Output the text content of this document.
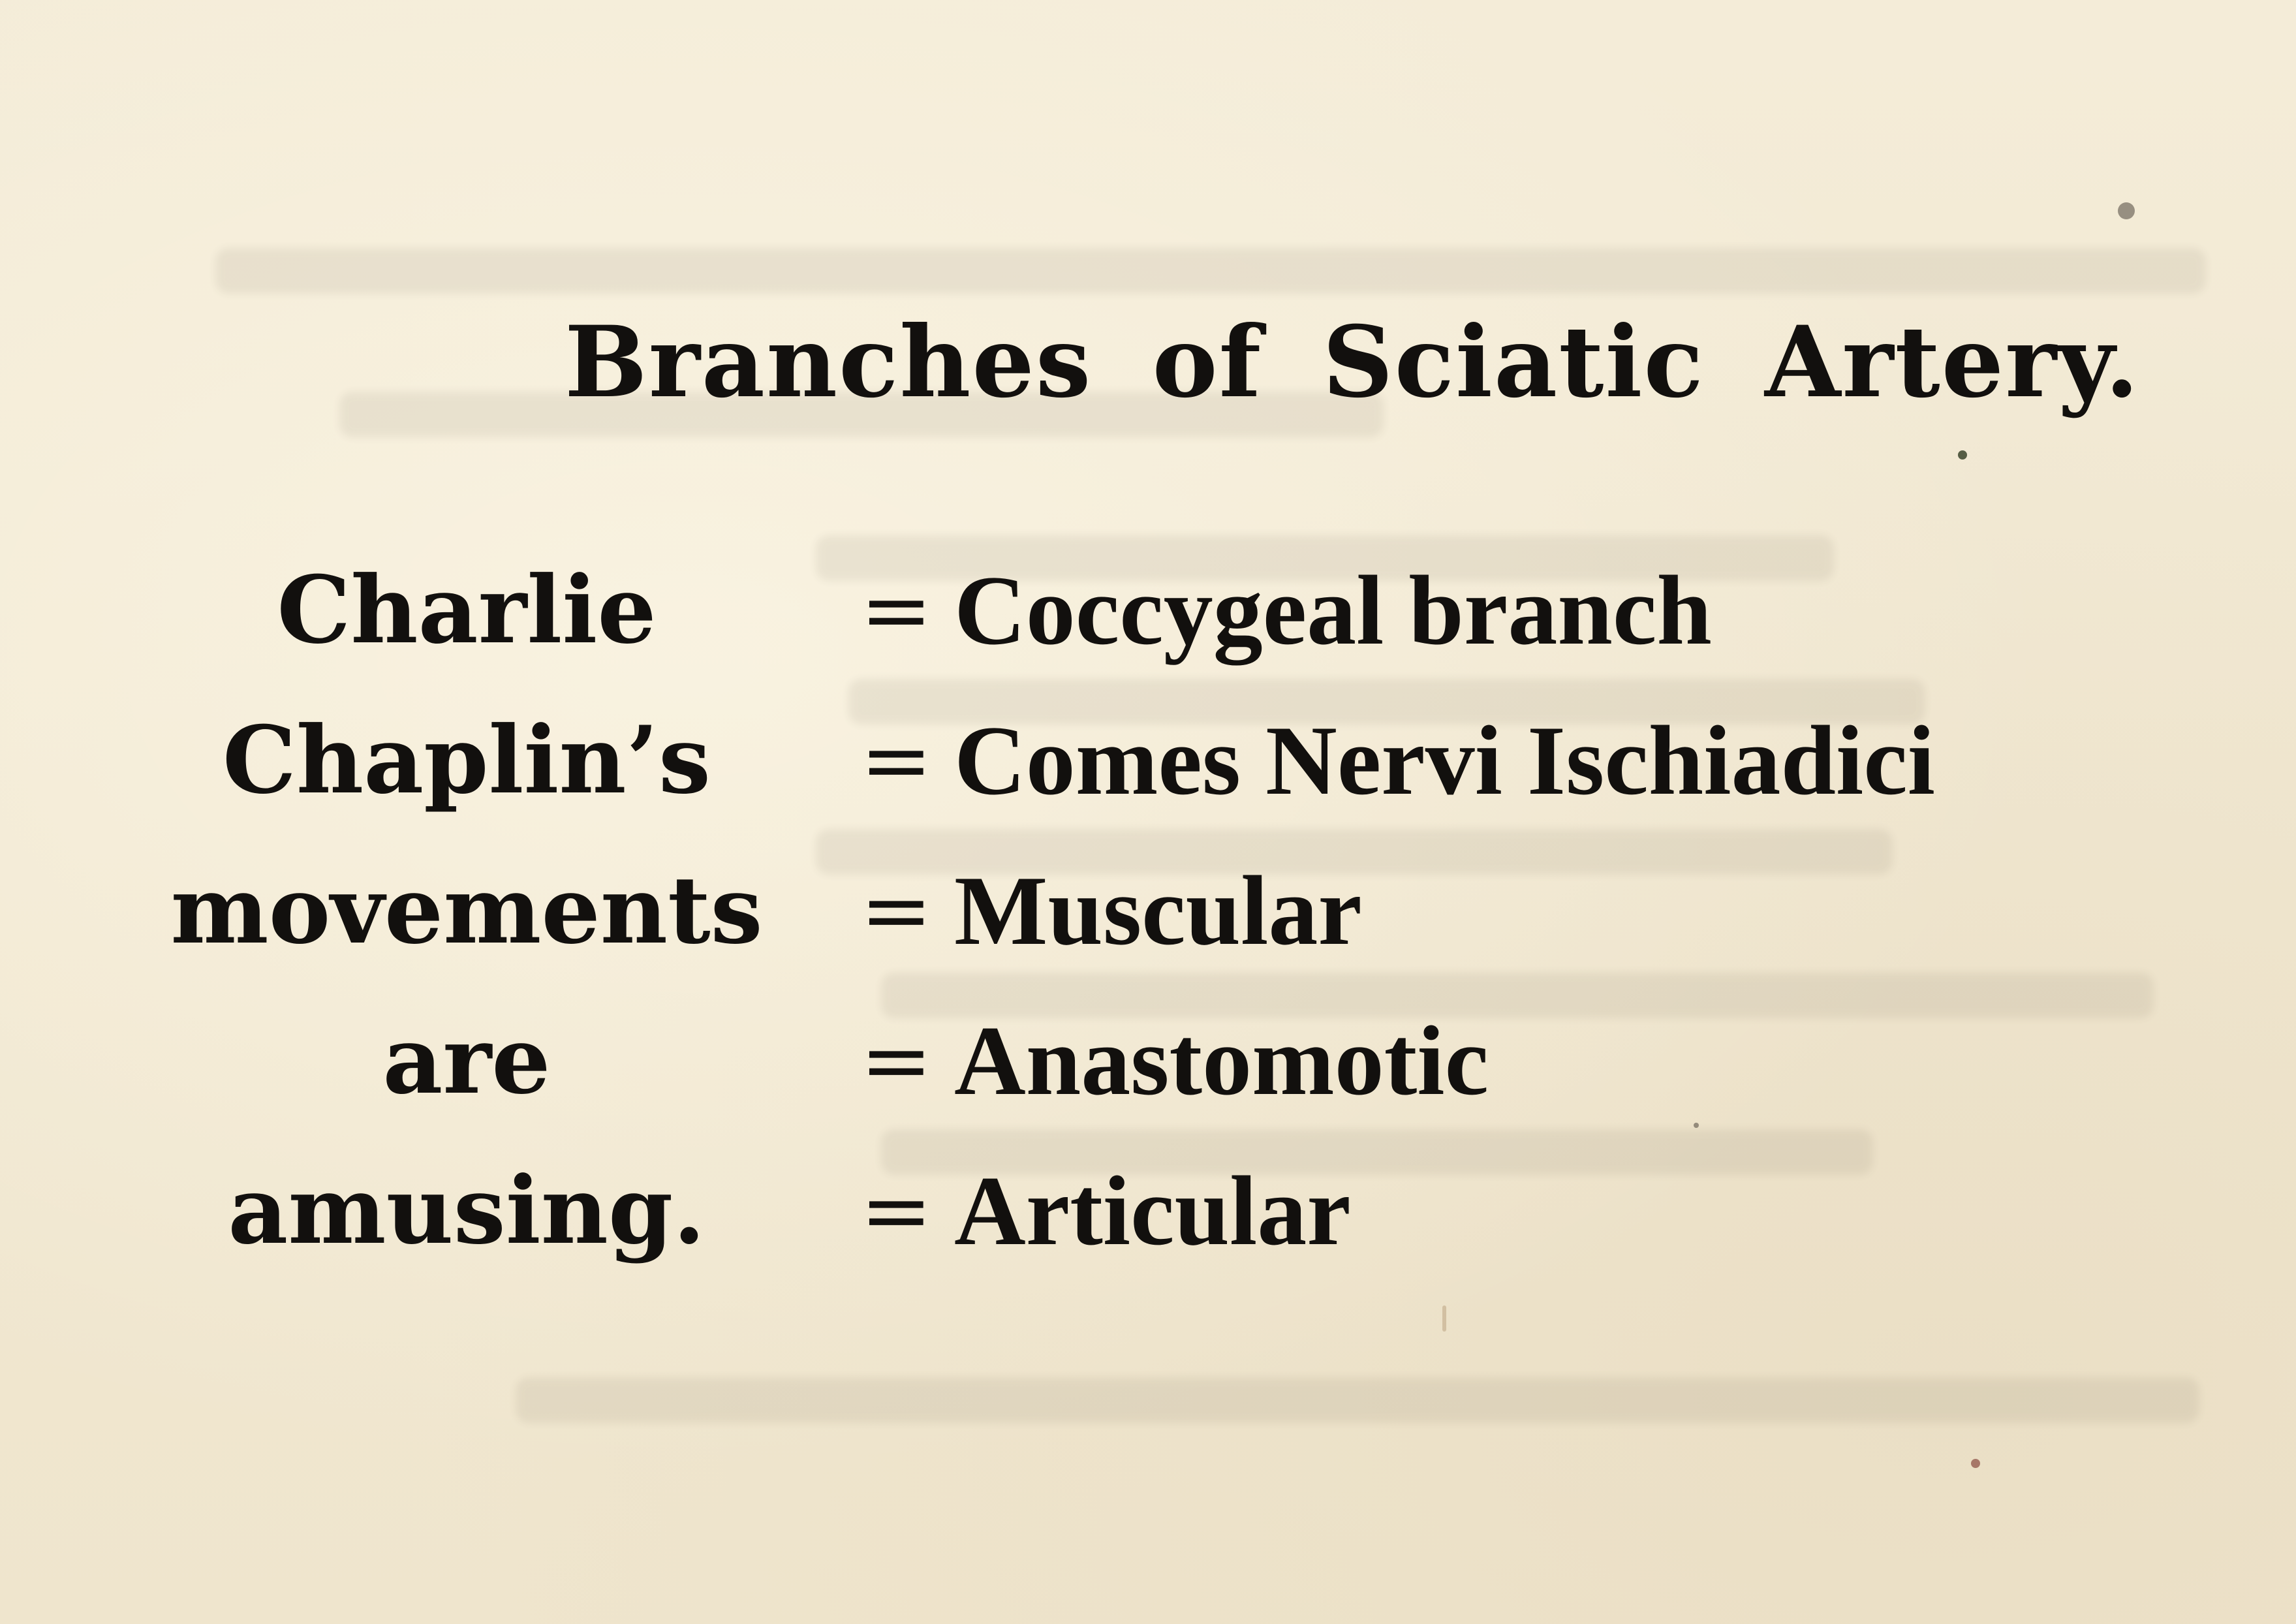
Branches of Sciatic Artery.
Charlie	= Coccygeal branch
Chaplin’s	= Comes Nervi Ischiadici
movements = Muscular
are	= Anastomotic
amusing.	= Articular
